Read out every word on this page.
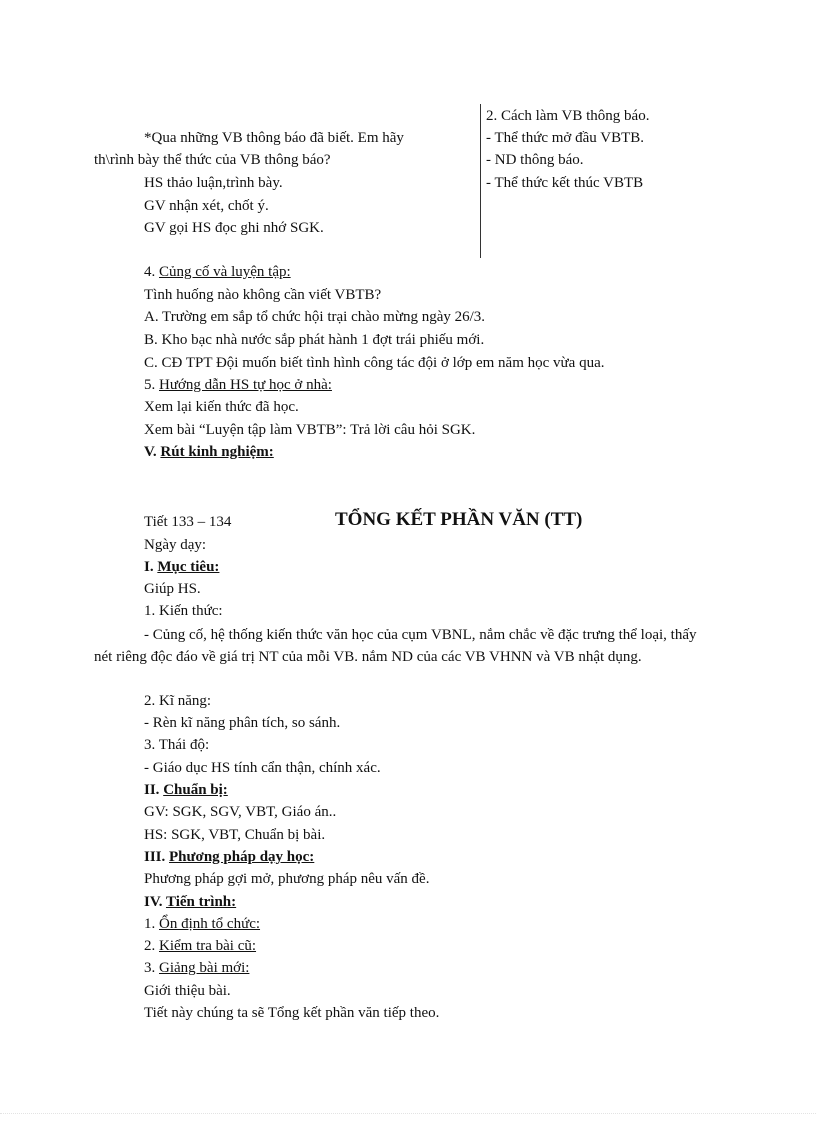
*Qua những VB thông báo đã biết. Em hãy
th\rình bày thể thức của VB thông báo?
HS thảo luận,trình bày.
GV nhận xét, chốt ý.
GV gọi HS đọc ghi nhớ SGK.
2. Cách làm VB thông báo.
- Thể thức mở đầu VBTB.
- ND thông báo.
- Thể thức kết thúc VBTB
4. Củng cố và luyện tập:
Tình huống nào không cần viết VBTB?
A. Trường em sắp tổ chức hội trại chào mừng ngày 26/3.
B. Kho bạc nhà nước sắp phát hành 1 đợt trái phiếu mới.
C. CĐ TPT Đội muốn biết tình hình công tác đội ở lớp em năm học vừa qua.
5. Hướng dẫn HS tự học ở nhà:
Xem lại kiến thức đã học.
Xem bài “Luyện tập làm VBTB”: Trả lời câu hỏi SGK.
V. Rút kinh nghiệm:
Tiết 133 – 134	TỔNG KẾT PHẦN VĂN (TT)
Ngày dạy:
I. Mục tiêu:
Giúp HS.
1. Kiến thức:
- Củng cố, hệ thống kiến thức văn học của cụm VBNL, nắm chắc về đặc trưng thể loại, thấy nét riêng độc đáo về giá trị NT của mỗi VB. nắm ND của các VB VHNN và VB nhật dụng.
2. Kĩ năng:
- Rèn kĩ năng phân tích, so sánh.
3. Thái độ:
- Giáo dục HS tính cẩn thận, chính xác.
II. Chuẩn bị:
GV: SGK, SGV, VBT, Giáo án..
HS: SGK, VBT, Chuẩn bị bài.
III. Phương pháp dạy học:
Phương pháp gợi mở, phương pháp nêu vấn đề.
IV. Tiến trình:
1. Ổn định tổ chức:
2. Kiểm tra bài cũ:
3. Giảng bài mới:
Giới thiệu bài.
Tiết này chúng ta sẽ Tổng kết phần văn tiếp theo.
